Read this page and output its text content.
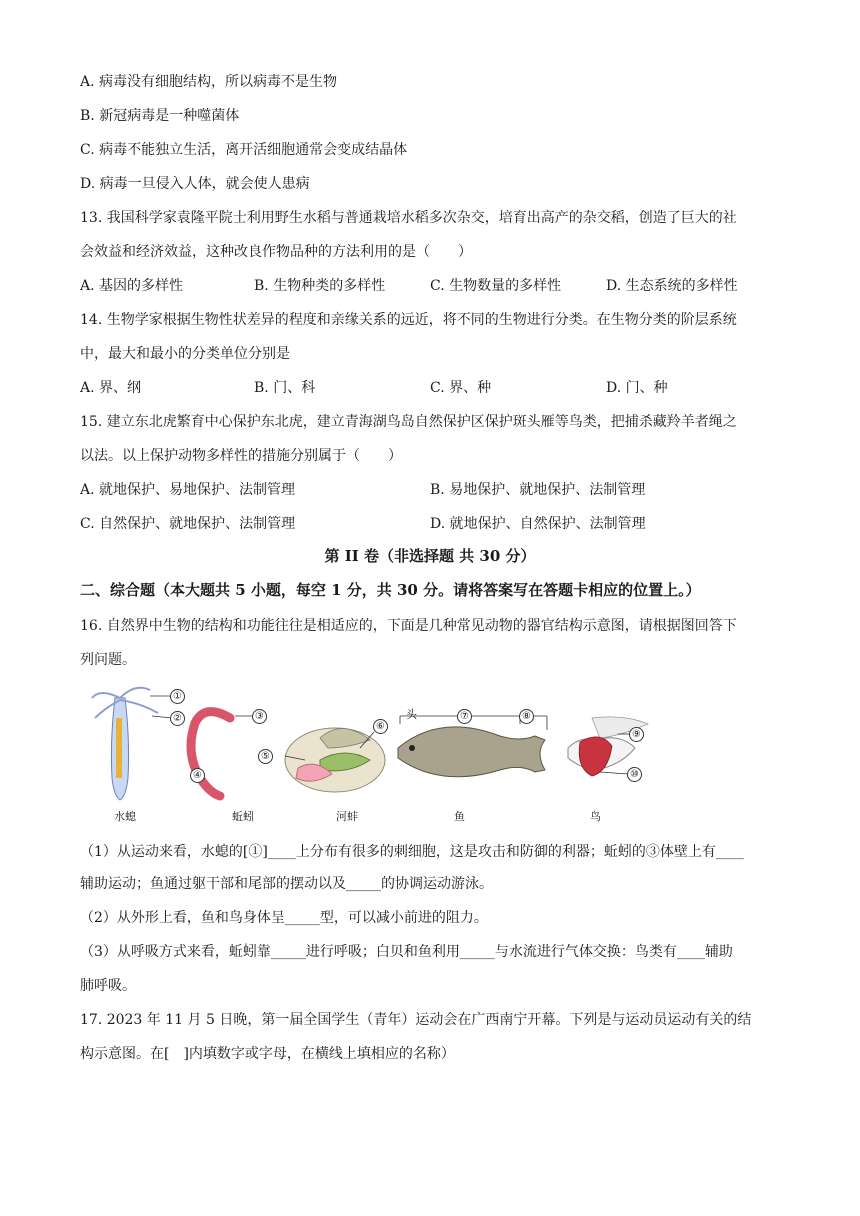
A. 病毒没有细胞结构，所以病毒不是生物
B. 新冠病毒是一种噬菌体
C. 病毒不能独立生活，离开活细胞通常会变成结晶体
D. 病毒一旦侵入人体，就会使人患病
13. 我国科学家袁隆平院士利用野生水稻与普通栽培水稻多次杂交，培育出高产的杂交稻，创造了巨大的社
会效益和经济效益，这种改良作物品种的方法利用的是（　　）
A. 基因的多样性	B. 生物种类的多样性	C. 生物数量的多样性	D. 生态系统的多样性
14. 生物学家根据生物性状差异的程度和亲缘关系的远近，将不同的生物进行分类。在生物分类的阶层系统
中，最大和最小的分类单位分别是
A. 界、纲	B. 门、科	C. 界、种	D. 门、种
15. 建立东北虎繁育中心保护东北虎，建立青海湖鸟岛自然保护区保护斑头雁等鸟类，把捕杀藏羚羊者绳之
以法。以上保护动物多样性的措施分别属于（　　）
A. 就地保护、易地保护、法制管理	B. 易地保护、就地保护、法制管理
C. 自然保护、就地保护、法制管理	D. 就地保护、自然保护、法制管理
第 II 卷（非选择题 共 30 分）
二、综合题（本大题共 5 小题，每空 1 分，共 30 分。请将答案写在答题卡相应的位置上。）
16. 自然界中生物的结构和功能往往是相适应的，下面是几种常见动物的器官结构示意图，请根据图回答下
列问题。
①
②	③
④
⑤
⑥
⑦	⑧
⑨
⑩
头
水螅	蚯蚓	河蚌	鱼	鸟
（1）从运动来看，水螅的[①]____上分布有很多的刺细胞，这是攻击和防御的利器；蚯蚓的③体壁上有____
辅助运动；鱼通过躯干部和尾部的摆动以及_____的协调运动游泳。
（2）从外形上看，鱼和鸟身体呈_____型，可以减小前进的阻力。
（3）从呼吸方式来看，蚯蚓靠_____进行呼吸；白贝和鱼利用_____与水流进行气体交换：鸟类有____辅助
肺呼吸。
17. 2023 年 11 月 5 日晚，第一届全国学生（青年）运动会在广西南宁开幕。下列是与运动员运动有关的结
构示意图。在[　]内填数字或字母，在横线上填相应的名称）
